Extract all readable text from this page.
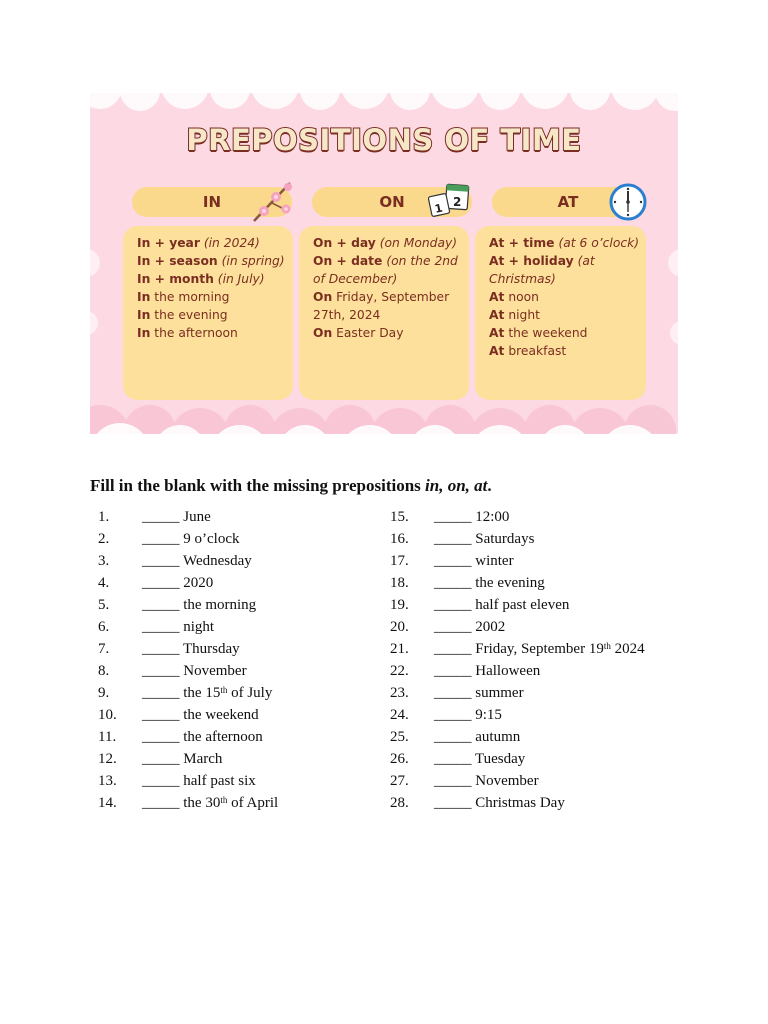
PREPOSITIONS OF TIME
IN	ON	AT
2
1
In + year (in 2024)
In + season (in spring)
In + month (in July)
In the morning
In the evening
In the afternoon
On + day (on Monday)
On + date (on the 2nd
of December)
On Friday, September
27th, 2024
On Easter Day
At + time (at 6 o’clock)
At + holiday (at
Christmas)
At noon
At night
At the weekend
At breakfast
Fill in the blank with the missing prepositions in, on, at.
1. _____ June
2. _____ 9 o’clock
3. _____ Wednesday
4. _____ 2020
5. _____ the morning
6. _____ night
7. _____ Thursday
8. _____ November
9. _____ the 15th of July
10. _____ the weekend
11. _____ the afternoon
12. _____ March
13. _____ half past six
14. _____ the 30th of April
15. _____ 12:00
16. _____ Saturdays
17. _____ winter
18. _____ the evening
19. _____ half past eleven
20. _____ 2002
21. _____ Friday, September 19th 2024
22. _____ Halloween
23. _____ summer
24. _____ 9:15
25. _____ autumn
26. _____ Tuesday
27. _____ November
28. _____ Christmas Day
